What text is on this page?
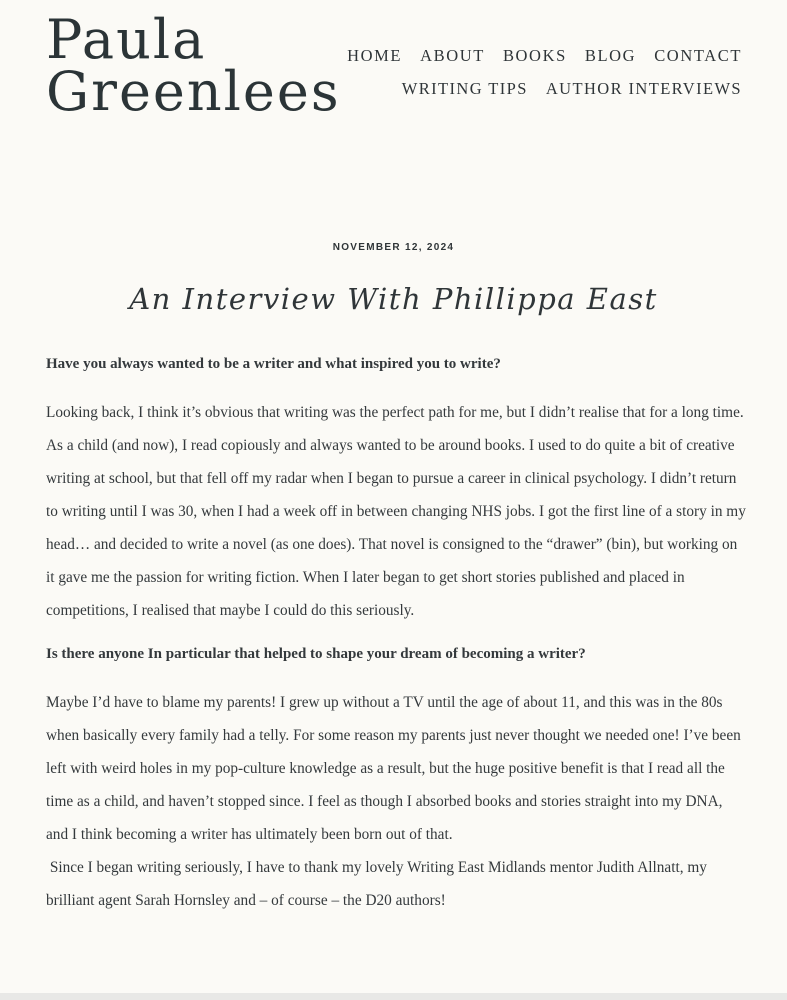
Paula
Greenlees
HOME ABOUT BOOKS BLOG CONTACT
WRITING TIPS AUTHOR INTERVIEWS
NOVEMBER 12, 2024
An Interview With Phillippa East

Have you always wanted to be a writer and what inspired you to write?

Looking back, I think it’s obvious that writing was the perfect path for me, but I didn’t realise that for a long time. As a child (and now), I read copiously and always wanted to be around books. I used to do quite a bit of creative writing at school, but that fell off my radar when I began to pursue a career in clinical psychology. I didn’t return to writing until I was 30, when I had a week off in between changing NHS jobs. I got the first line of a story in my head… and decided to write a novel (as one does). That novel is consigned to the “drawer” (bin), but working on it gave me the passion for writing fiction. When I later began to get short stories published and placed in competitions, I realised that maybe I could do this seriously.

Is there anyone In particular that helped to shape your dream of becoming a writer?

Maybe I’d have to blame my parents! I grew up without a TV until the age of about 11, and this was in the 80s when basically every family had a telly. For some reason my parents just never thought we needed one! I’ve been left with weird holes in my pop-culture knowledge as a result, but the huge positive benefit is that I read all the time as a child, and haven’t stopped since. I feel as though I absorbed books and stories straight into my DNA, and I think becoming a writer has ultimately been born out of that.

Since I began writing seriously, I have to thank my lovely Writing East Midlands mentor Judith Allnatt, my brilliant agent Sarah Hornsley and – of course – the D20 authors!
